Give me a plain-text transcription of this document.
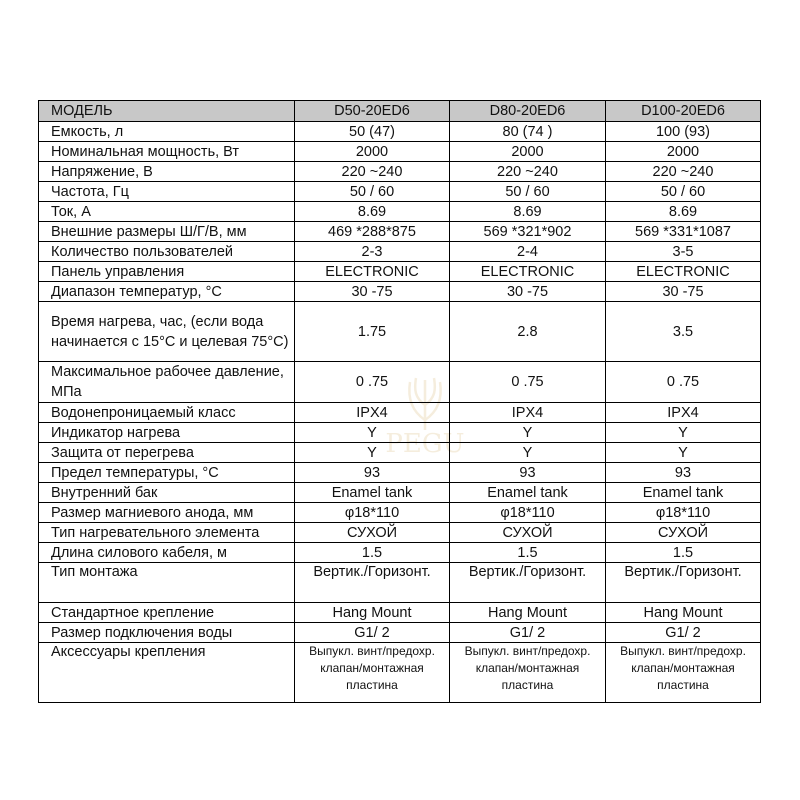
PEGU
МОДЕЛЬ	D50-20ED6	D80-20ED6	D100-20ED6
Емкость, л	50 (47)	80 (74 )	100 (93)
Номинальная мощность, Вт	2000	2000	2000
Напряжение, В	220 ~240	220 ~240	220 ~240
Частота, Гц	50 / 60	50 / 60	50 / 60
Ток, А	8.69	8.69	8.69
Внешние размеры Ш/Г/В, мм	469 *288*875	569 *321*902	569 *331*1087
Количество пользователей	2-3	2-4	3-5
Панель управления	ELECTRONIC	ELECTRONIC	ELECTRONIC
Диапазон температур, °C	30 -75	30 -75	30 -75
Время нагрева, час, (если вода начинается с 15°C и целевая 75°C)	1.75	2.8	3.5
Максимальное рабочее давление, МПа	0 .75	0 .75	0 .75
Водонепроницаемый класс	IPX4	IPX4	IPX4
Индикатор нагрева	Y	Y	Y
Защита от перегрева	Y	Y	Y
Предел температуры, °C	93	93	93
Внутренний бак	Enamel tank	Enamel tank	Enamel tank
Размер магниевого анода, мм	φ18*110	φ18*110	φ18*110
Тип нагревательного элемента	СУХОЙ	СУХОЙ	СУХОЙ
Длина силового кабеля, м	1.5	1.5	1.5
Тип монтажа	Вертик./Горизонт.	Вертик./Горизонт.	Вертик./Горизонт.
Стандартное крепление	Hang Mount	Hang Mount	Hang Mount
Размер подключения воды	G1/ 2	G1/ 2	G1/ 2
Аксессуары крепления	Выпукл. винт/предохр. клапан/монтажная пластина	Выпукл. винт/предохр. клапан/монтажная пластина	Выпукл. винт/предохр. клапан/монтажная пластина
